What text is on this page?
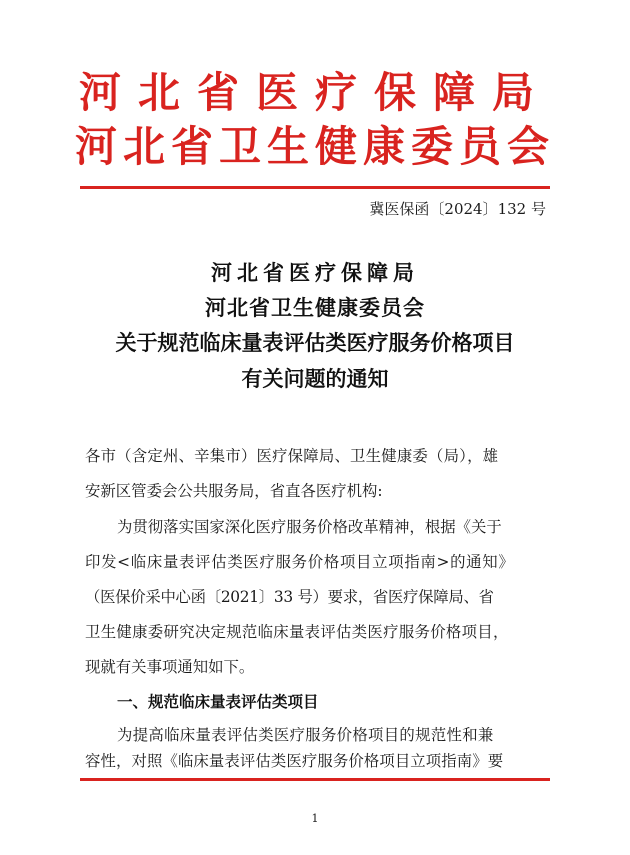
河北省医疗保障局
河北省卫生健康委员会
冀医保函〔2024〕132 号
河北省医疗保障局
河北省卫生健康委员会
关于规范临床量表评估类医疗服务价格项目
有关问题的通知
各市（含定州、辛集市）医疗保障局、卫生健康委（局），雄
安新区管委会公共服务局，省直各医疗机构:
为贯彻落实国家深化医疗服务价格改革精神，根据《关于
印发<临床量表评估类医疗服务价格项目立项指南>的通知》
（医保价采中心函〔2021〕33 号）要求，省医疗保障局、省
卫生健康委研究决定规范临床量表评估类医疗服务价格项目，
现就有关事项通知如下。
一、规范临床量表评估类项目
为提高临床量表评估类医疗服务价格项目的规范性和兼
容性，对照《临床量表评估类医疗服务价格项目立项指南》要
1
